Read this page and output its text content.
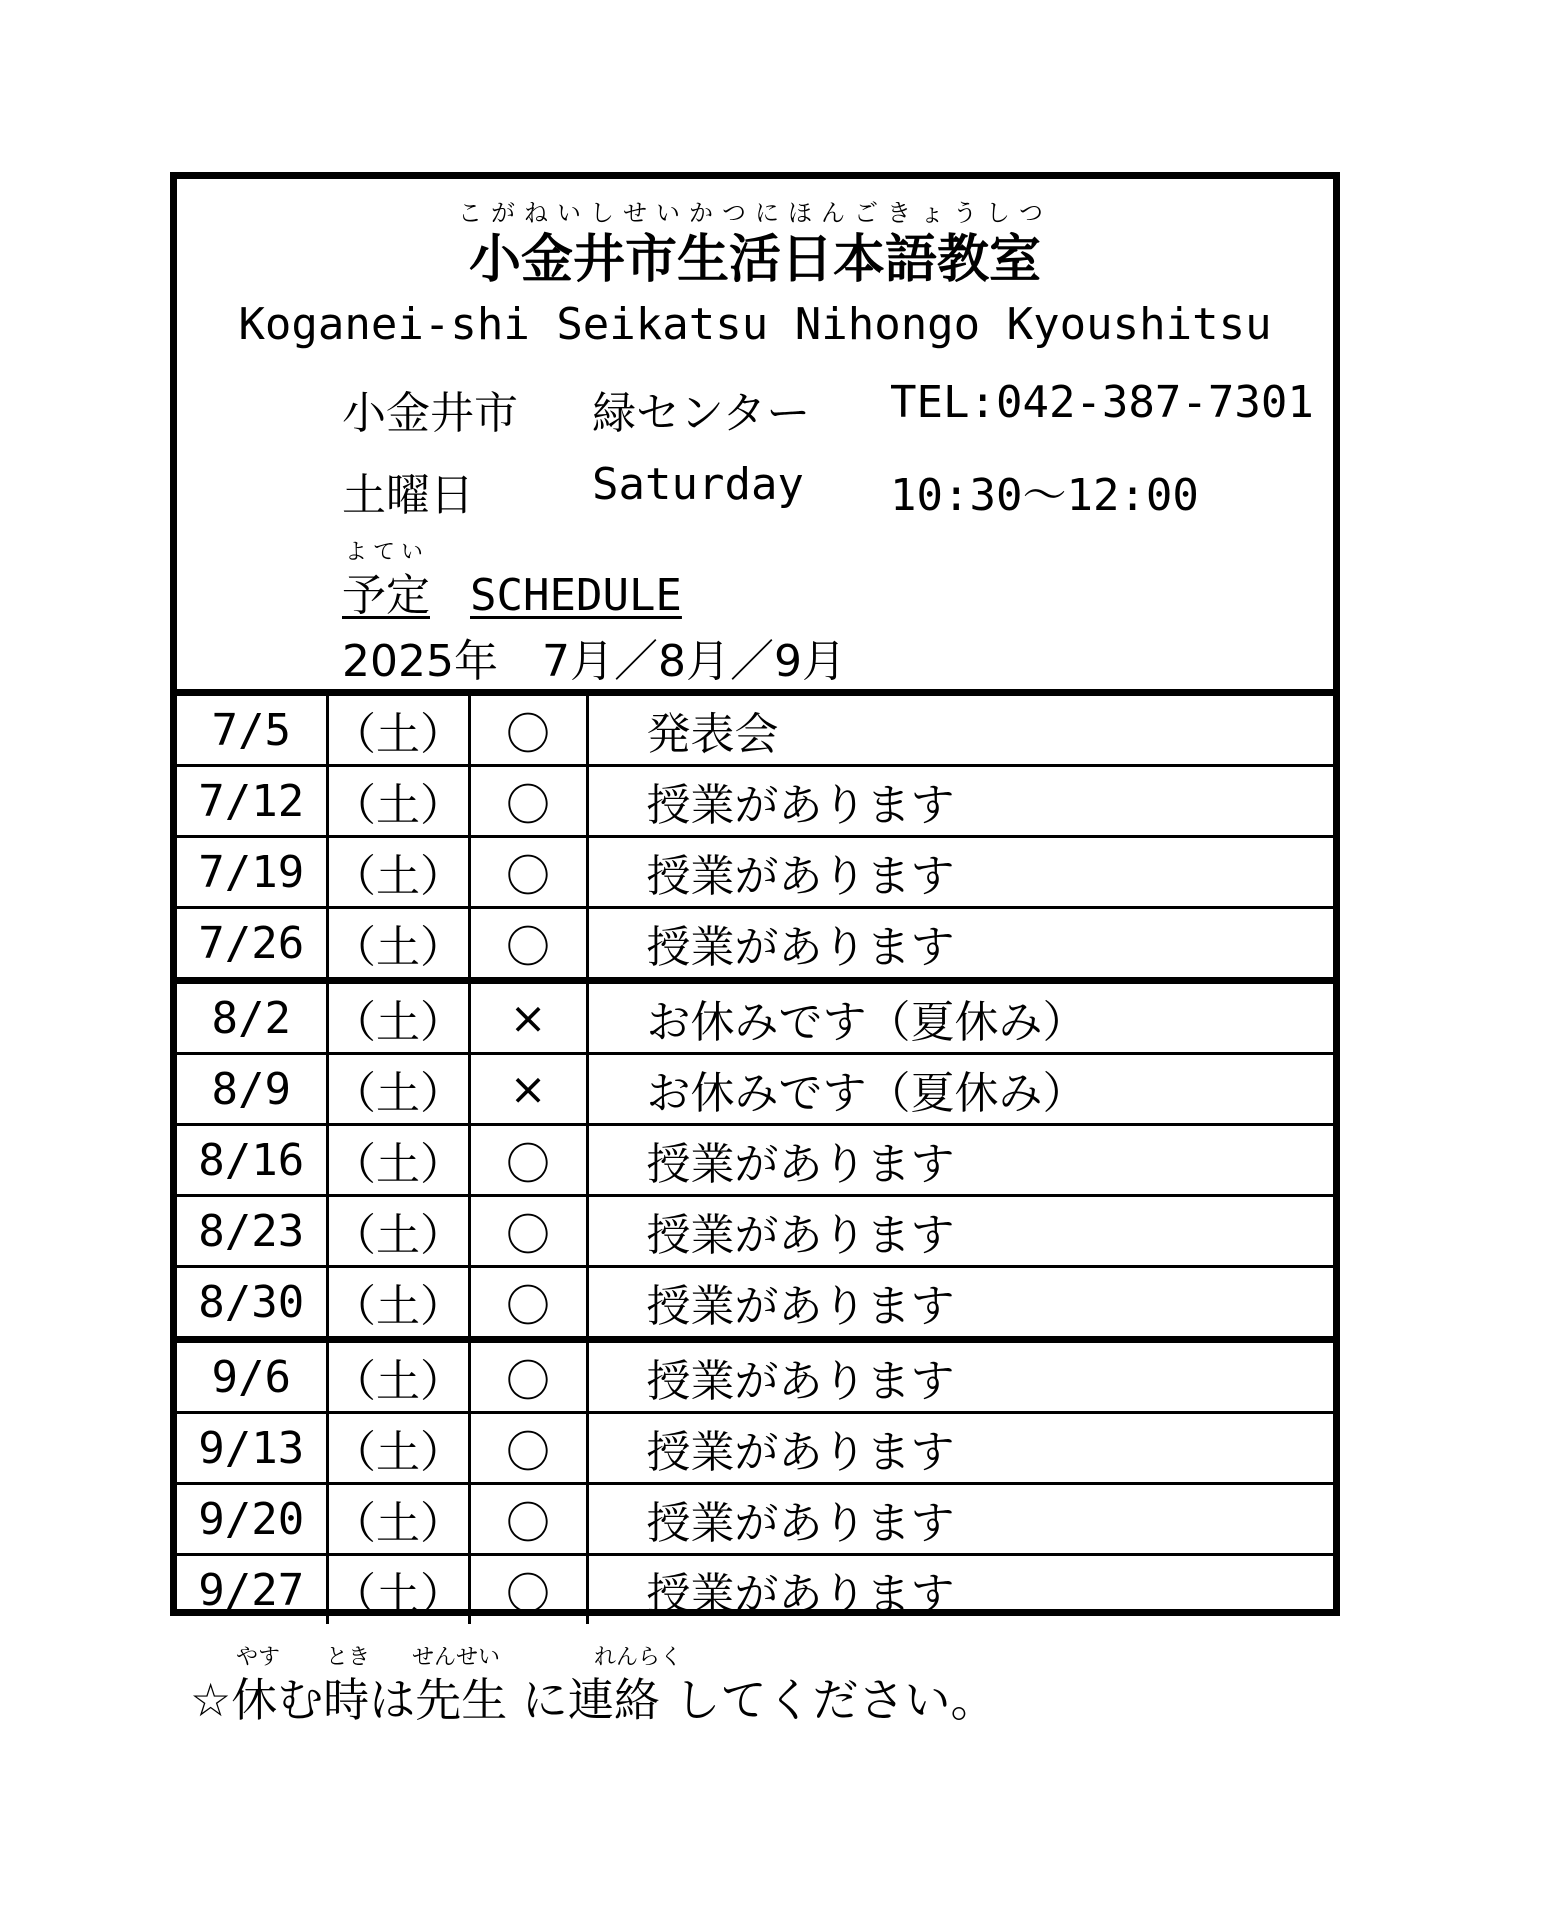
こがねいしせいかつにほんごきょうしつ
小金井市生活日本語教室
Koganei-shi Seikatsu Nihongo Kyoushitsu
小金井市 緑センター TEL:042-387-7301
土曜日	Saturday 10:30〜12:00
よてい
予定 SCHEDULE
2025年　7月／8月／9月
7/5	（土）	〇	発表会
7/12	（土）	〇	授業があります
7/19	（土）	〇	授業があります
7/26	（土）	〇	授業があります
8/2	（土）	×	お休みです（夏休み）
8/9	（土）	×	お休みです（夏休み）
8/16	（土）	〇	授業があります
8/23	（土）	〇	授業があります
8/30	（土）	〇	授業があります
9/6	（土）	〇	授業があります
9/13	（土）	〇	授業があります
9/20	（土）	〇	授業があります
9/27	（土）	〇	授業があります
やす とき せんせい	れんらく
☆休む時は先生 に連絡 してください。
